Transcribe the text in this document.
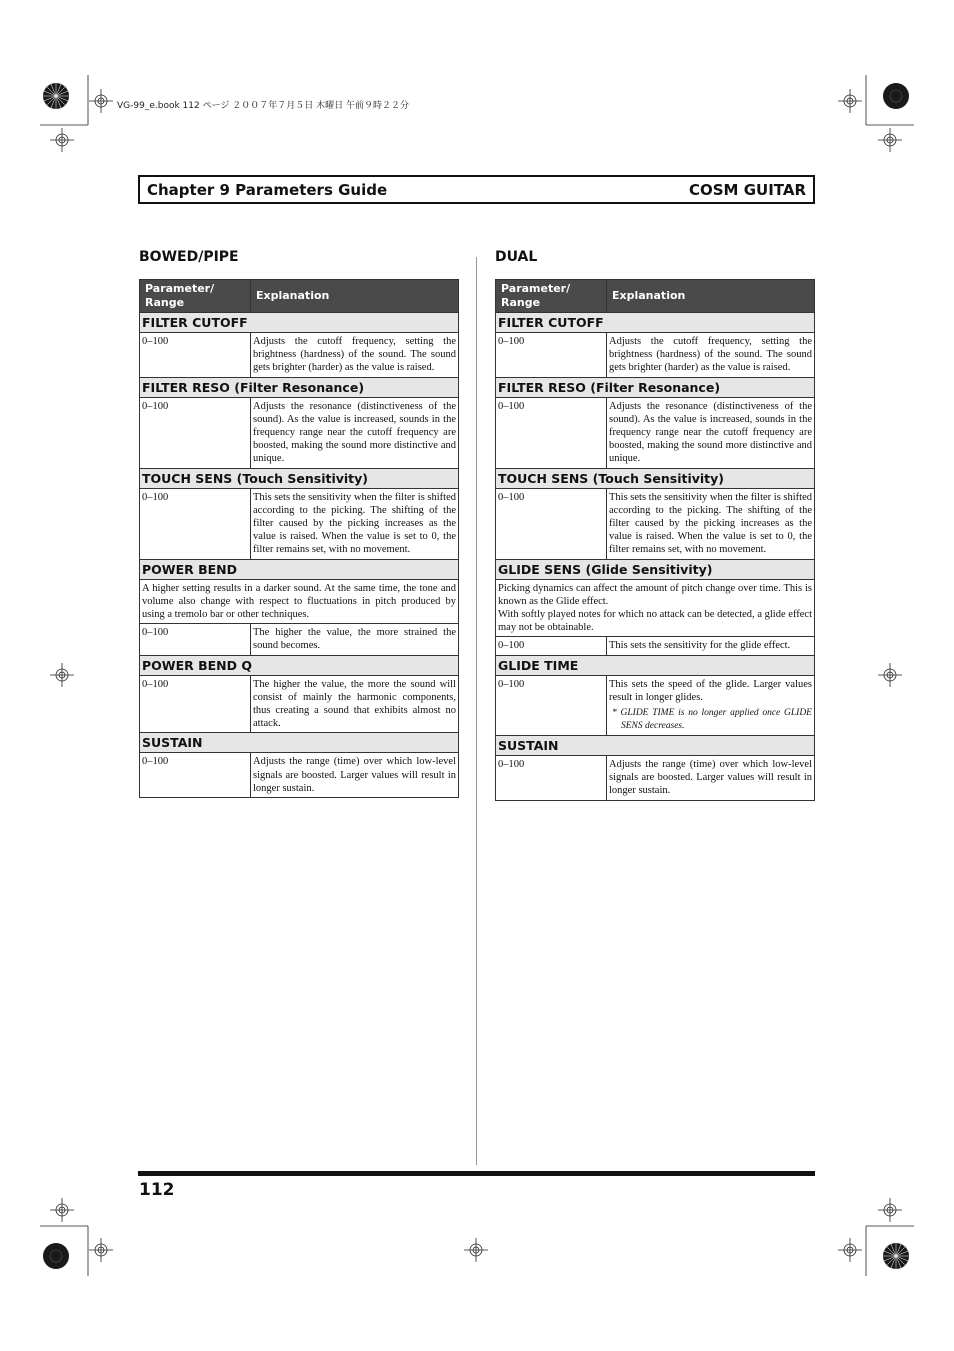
VG-99_e.book 112 ページ ２００７年７月５日 木曜日 午前９時２２分
Chapter 9 Parameters Guide	COSM GUITAR
BOWED/PIPE	DUAL
Parameter/
Range	Explanation
FILTER CUTOFF	
0–100	Adjusts the cutoff frequency, setting the brightness (hardness) of the sound. The sound gets brighter (harder) as the value is raised.
FILTER RESO (Filter Resonance)	
0–100	Adjusts the resonance (distinctiveness of the sound). As the value is increased, sounds in the frequency range near the cutoff frequency are boosted, making the sound more distinctive and unique.
TOUCH SENS (Touch Sensitivity)	
0–100	This sets the sensitivity when the filter is shifted according to the picking. The shifting of the filter caused by the picking increases as the value is raised. When the value is set to 0, the filter remains set, with no movement.
POWER BEND	
A higher setting results in a darker sound. At the same time, the tone and volume also change with respect to fluctuations in pitch produced by using a tremolo bar or other techniques.	
0–100	The higher the value, the more strained the sound becomes.
POWER BEND Q	
0–100	The higher the value, the more the sound will consist of mainly the harmonic components, thus creating a sound that exhibits almost no attack.
SUSTAIN	
0–100	Adjusts the range (time) over which low-level signals are boosted. Larger values will result in longer sustain.
Parameter/
Range	Explanation
FILTER CUTOFF	
0–100	Adjusts the cutoff frequency, setting the brightness (hardness) of the sound. The sound gets brighter (harder) as the value is raised.
FILTER RESO (Filter Resonance)	
0–100	Adjusts the resonance (distinctiveness of the sound). As the value is increased, sounds in the frequency range near the cutoff frequency are boosted, making the sound more distinctive and unique.
TOUCH SENS (Touch Sensitivity)	
0–100	This sets the sensitivity when the filter is shifted according to the picking. The shifting of the filter caused by the picking increases as the value is raised. When the value is set to 0, the filter remains set, with no movement.
GLIDE SENS (Glide Sensitivity)	
Picking dynamics can affect the amount of pitch change over time. This is known as the Glide effect.
With softly played notes for which no attack can be detected, a glide effect may not be obtainable.	
0–100	This sets the sensitivity for the glide effect.
GLIDE TIME	
0–100	This sets the speed of the glide. Larger values result in longer glides.
* GLIDE TIME is no longer applied once GLIDE SENS decreases.

SUSTAIN	
0–100	Adjusts the range (time) over which low-level signals are boosted. Larger values will result in longer sustain.
112
